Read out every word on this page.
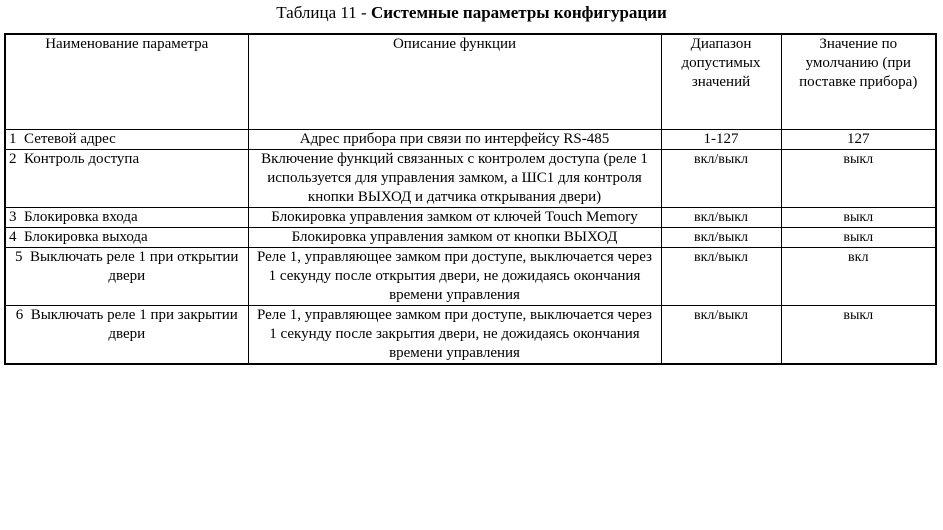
Таблица 11 - Системные параметры конфигурации
Наименование параметра	Описание функции	Диапазон допустимых значений	Значение по умолчанию (при поставке прибора)
1 Сетевой адрес	Адрес прибора при связи по интерфейсу RS-485	1-127	127
2 Контроль доступа	Включение функций связанных с контролем доступа (реле 1 используется для управления замком, а ШС1 для контроля кнопки ВЫХОД и датчика открывания двери)	вкл/выкл	выкл
3 Блокировка входа	Блокировка управления замком от ключей Touch Memory	вкл/выкл	выкл
4 Блокировка выхода	Блокировка управления замком от кнопки ВЫХОД	вкл/выкл	выкл
5 Выключать реле 1 при открытии двери	Реле 1, управляющее замком при доступе, выключается через 1 секунду после открытия двери, не дожидаясь окончания времени управления	вкл/выкл	вкл
6 Выключать реле 1 при закрытии двери	Реле 1, управляющее замком при доступе, выключается через 1 секунду после закрытия двери, не дожидаясь окончания времени управления	вкл/выкл	выкл
